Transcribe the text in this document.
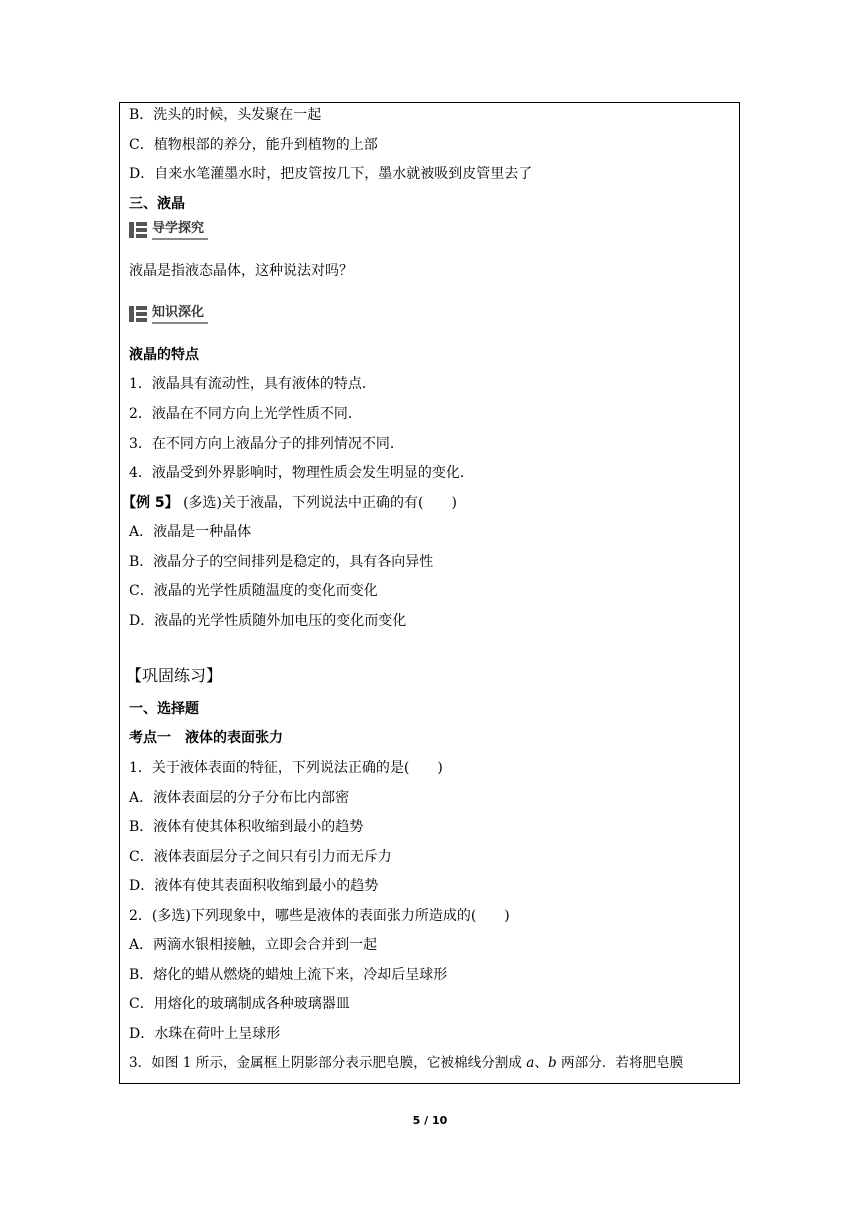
B．洗头的时候，头发聚在一起
C．植物根部的养分，能升到植物的上部
D．自来水笔灌墨水时，把皮管按几下，墨水就被吸到皮管里去了
三、液晶
导学探究
液晶是指液态晶体，这种说法对吗？
知识深化
液晶的特点
1．液晶具有流动性，具有液体的特点．
2．液晶在不同方向上光学性质不同．
3．在不同方向上液晶分子的排列情况不同．
4．液晶受到外界影响时，物理性质会发生明显的变化．
【例 5】 (多选)关于液晶，下列说法中正确的有(　　)
A．液晶是一种晶体
B．液晶分子的空间排列是稳定的，具有各向异性
C．液晶的光学性质随温度的变化而变化
D．液晶的光学性质随外加电压的变化而变化
【巩固练习】
一、选择题
考点一　液体的表面张力
1．关于液体表面的特征，下列说法正确的是(　　)
A．液体表面层的分子分布比内部密
B．液体有使其体积收缩到最小的趋势
C．液体表面层分子之间只有引力而无斥力
D．液体有使其表面积收缩到最小的趋势
2．(多选)下列现象中，哪些是液体的表面张力所造成的(　　)
A．两滴水银相接触，立即会合并到一起
B．熔化的蜡从燃烧的蜡烛上流下来，冷却后呈球形
C．用熔化的玻璃制成各种玻璃器皿
D．水珠在荷叶上呈球形
3．如图 1 所示，金属框上阴影部分表示肥皂膜，它被棉线分割成 a、b 两部分．若将肥皂膜
5 / 10
